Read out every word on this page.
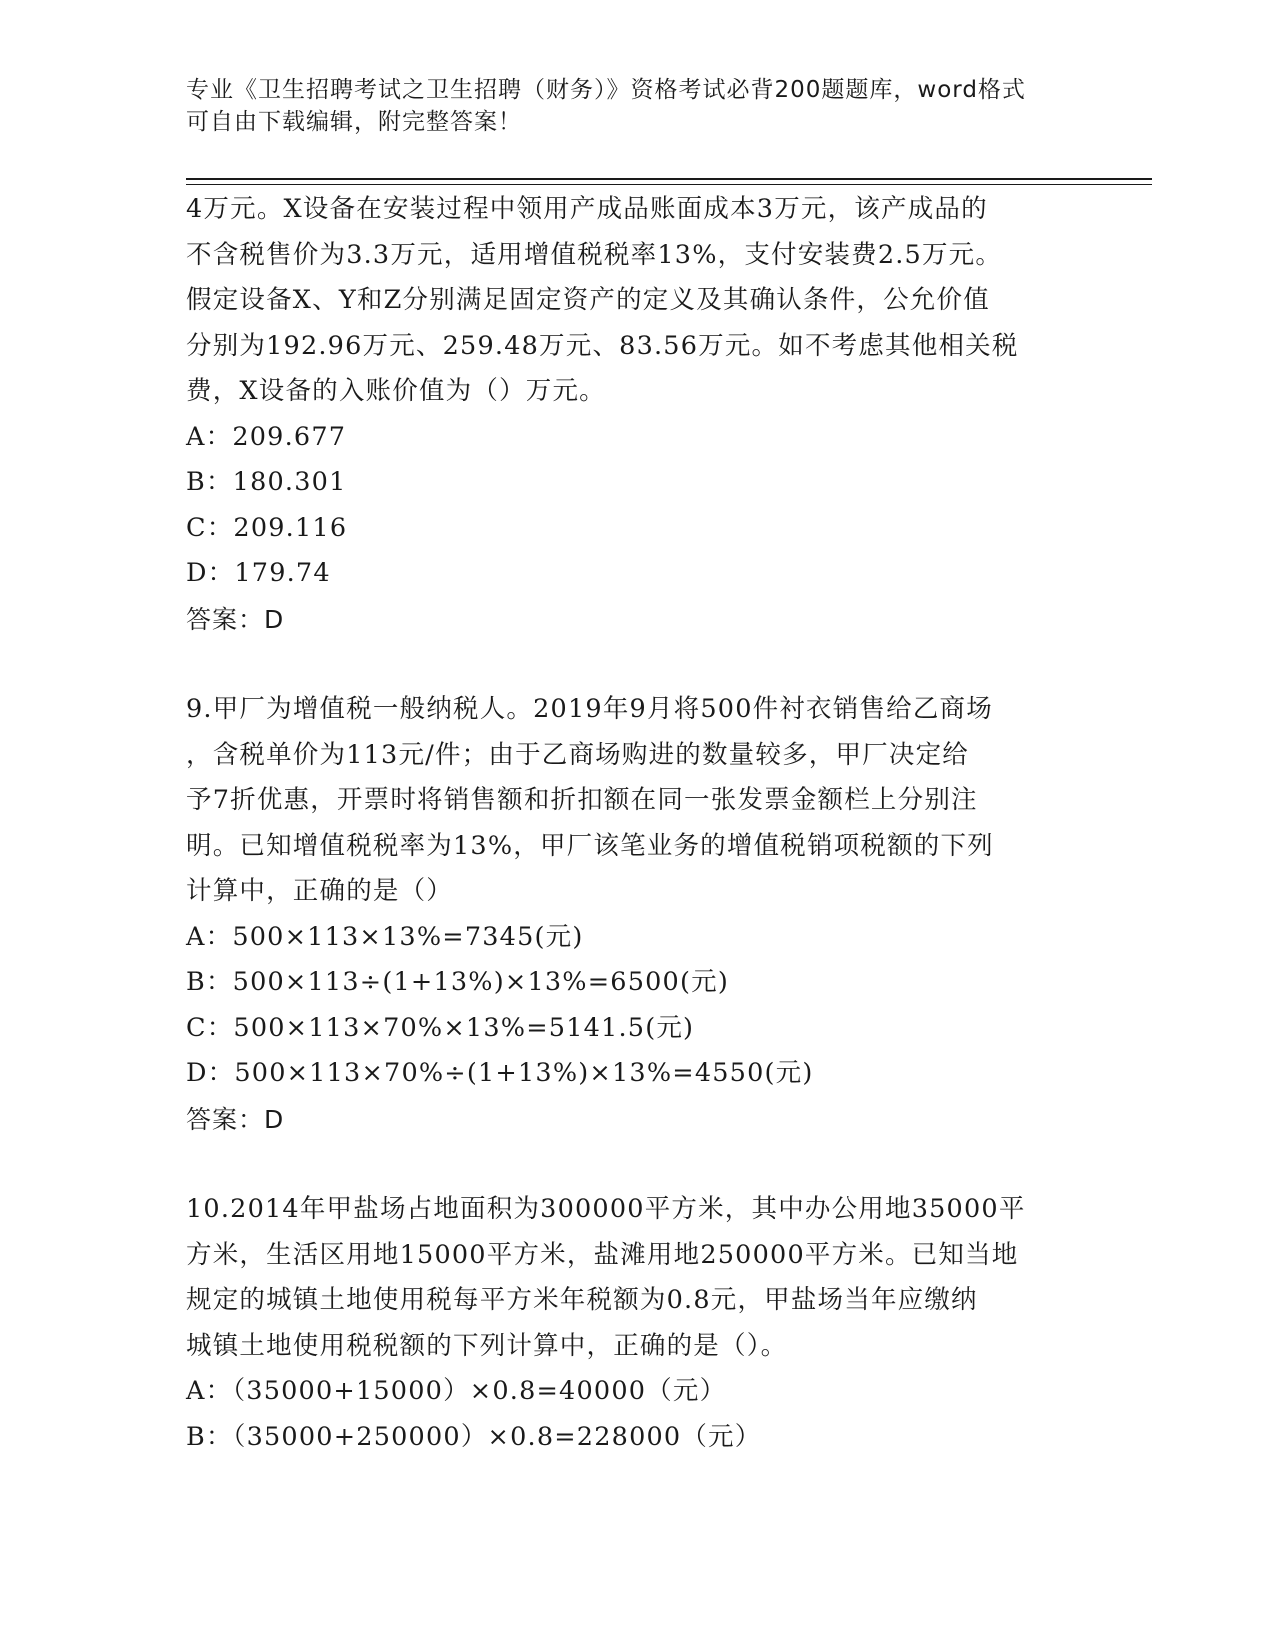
专业《卫生招聘考试之卫生招聘（财务）》资格考试必背200题题库，word格式
可自由下载编辑，附完整答案！
4万元。X设备在安装过程中领用产成品账面成本3万元，该产成品的
不含税售价为3.3万元，适用增值税税率13%，支付安装费2.5万元。
假定设备X、Y和Z分别满足固定资产的定义及其确认条件，公允价值
分别为192.96万元、259.48万元、83.56万元。如不考虑其他相关税
费，X设备的入账价值为（）万元。
A：209.677
B：180.301
C：209.116
D：179.74
答案：D
9.甲厂为增值税一般纳税人。2019年9月将500件衬衣销售给乙商场
，含税单价为113元/件；由于乙商场购进的数量较多，甲厂决定给
予7折优惠，开票时将销售额和折扣额在同一张发票金额栏上分别注
明。已知增值税税率为13%，甲厂该笔业务的增值税销项税额的下列
计算中，正确的是（）
A：500×113×13%=7345(元)
B：500×113÷(1+13%)×13%=6500(元)
C：500×113×70%×13%=5141.5(元)
D：500×113×70%÷(1+13%)×13%=4550(元)
答案：D
10.2014年甲盐场占地面积为300000平方米，其中办公用地35000平
方米，生活区用地15000平方米，盐滩用地250000平方米。已知当地
规定的城镇土地使用税每平方米年税额为0.8元，甲盐场当年应缴纳
城镇土地使用税税额的下列计算中，正确的是（）。
A：（35000+15000）×0.8=40000（元）
B：（35000+250000）×0.8=228000（元）
